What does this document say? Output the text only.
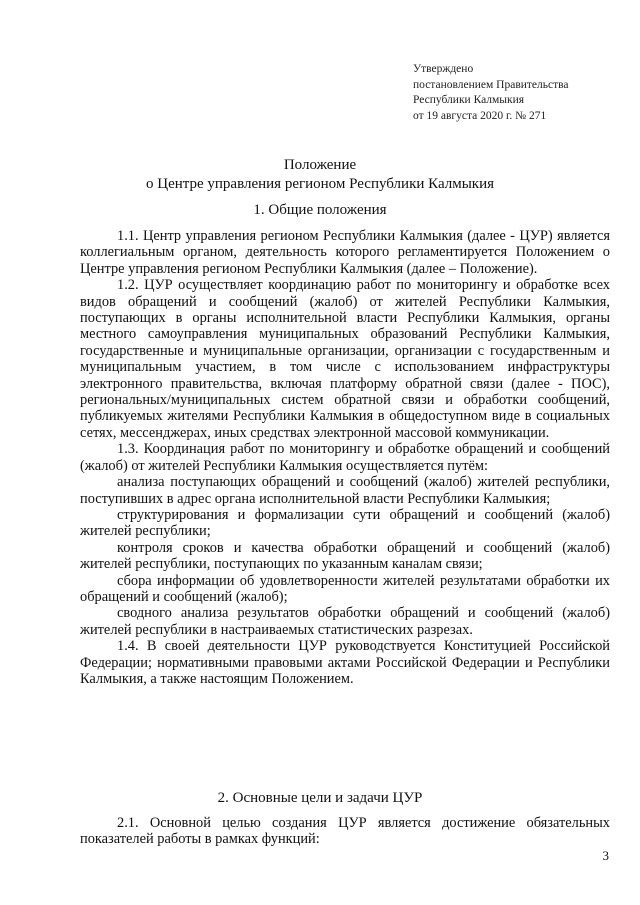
Утверждено
постановлением Правительства
Республики Калмыкия
от 19 августа 2020 г. № 271
Положение
о Центре управления регионом Республики Калмыкия
1. Общие положения

1.1. Центр управления регионом Республики Калмыкия (далее - ЦУР) является коллегиальным органом, деятельность которого регламентируется Положением о Центре управления регионом Республики Калмыкия (далее – Положение).

1.2. ЦУР осуществляет координацию работ по мониторингу и обработке всех видов обращений и сообщений (жалоб) от жителей Республики Калмыкия, поступающих в органы исполнительной власти Республики Калмыкия, органы местного самоуправления муниципальных образований Республики Калмыкия, государственные и муниципальные организации, организации с государственным и муниципальным участием, в том числе с использованием инфраструктуры электронного правительства, включая платформу обратной связи (далее - ПОС), региональных/муниципальных систем обратной связи и обработки сообщений, публикуемых жителями Республики Калмыкия в общедоступном виде в социальных сетях, мессенджерах, иных средствах электронной массовой коммуникации.

1.3. Координация работ по мониторингу и обработке обращений и сообщений (жалоб) от жителей Республики Калмыкия осуществляется путём:

анализа поступающих обращений и сообщений (жалоб) жителей республики, поступивших в адрес органа исполнительной власти Республики Калмыкия;

структурирования и формализации сути обращений и сообщений (жалоб) жителей республики;

контроля сроков и качества обработки обращений и сообщений (жалоб) жителей республики, поступающих по указанным каналам связи;

сбора информации об удовлетворенности жителей результатами обработки их обращений и сообщений (жалоб);

сводного анализа результатов обработки обращений и сообщений (жалоб) жителей республики в настраиваемых статистических разрезах.

1.4. В своей деятельности ЦУР руководствуется Конституцией Российской Федерации; нормативными правовыми актами Российской Федерации и Республики Калмыкия, а также настоящим Положением.

2. Основные цели и задачи ЦУР

2.1. Основной целью создания ЦУР является достижение обязательных показателей работы в рамках функций:

3
